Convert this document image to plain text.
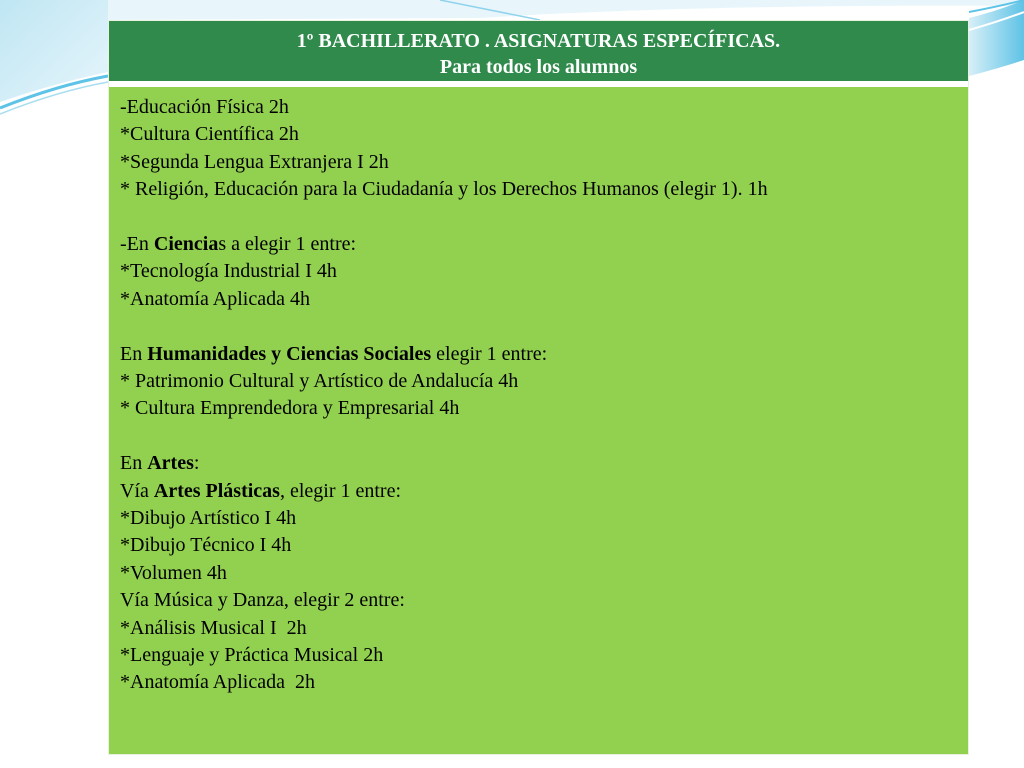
1º BACHILLERATO . ASIGNATURAS ESPECÍFICAS.
Para todos los alumnos
-Educación Física 2h
*Cultura Científica 2h
*Segunda Lengua Extranjera I 2h
* Religión, Educación para la Ciudadanía y los Derechos Humanos (elegir 1). 1h
-En Ciencias a elegir 1 entre:
*Tecnología Industrial I 4h
*Anatomía Aplicada 4h
En Humanidades y Ciencias Sociales elegir 1 entre:
* Patrimonio Cultural y Artístico de Andalucía 4h
* Cultura Emprendedora y Empresarial 4h
En Artes:
Vía Artes Plásticas, elegir 1 entre:
*Dibujo Artístico I 4h
*Dibujo Técnico I 4h
*Volumen 4h
Vía Música y Danza, elegir 2 entre:
*Análisis Musical I  2h
*Lenguaje y Práctica Musical 2h
*Anatomía Aplicada  2h
